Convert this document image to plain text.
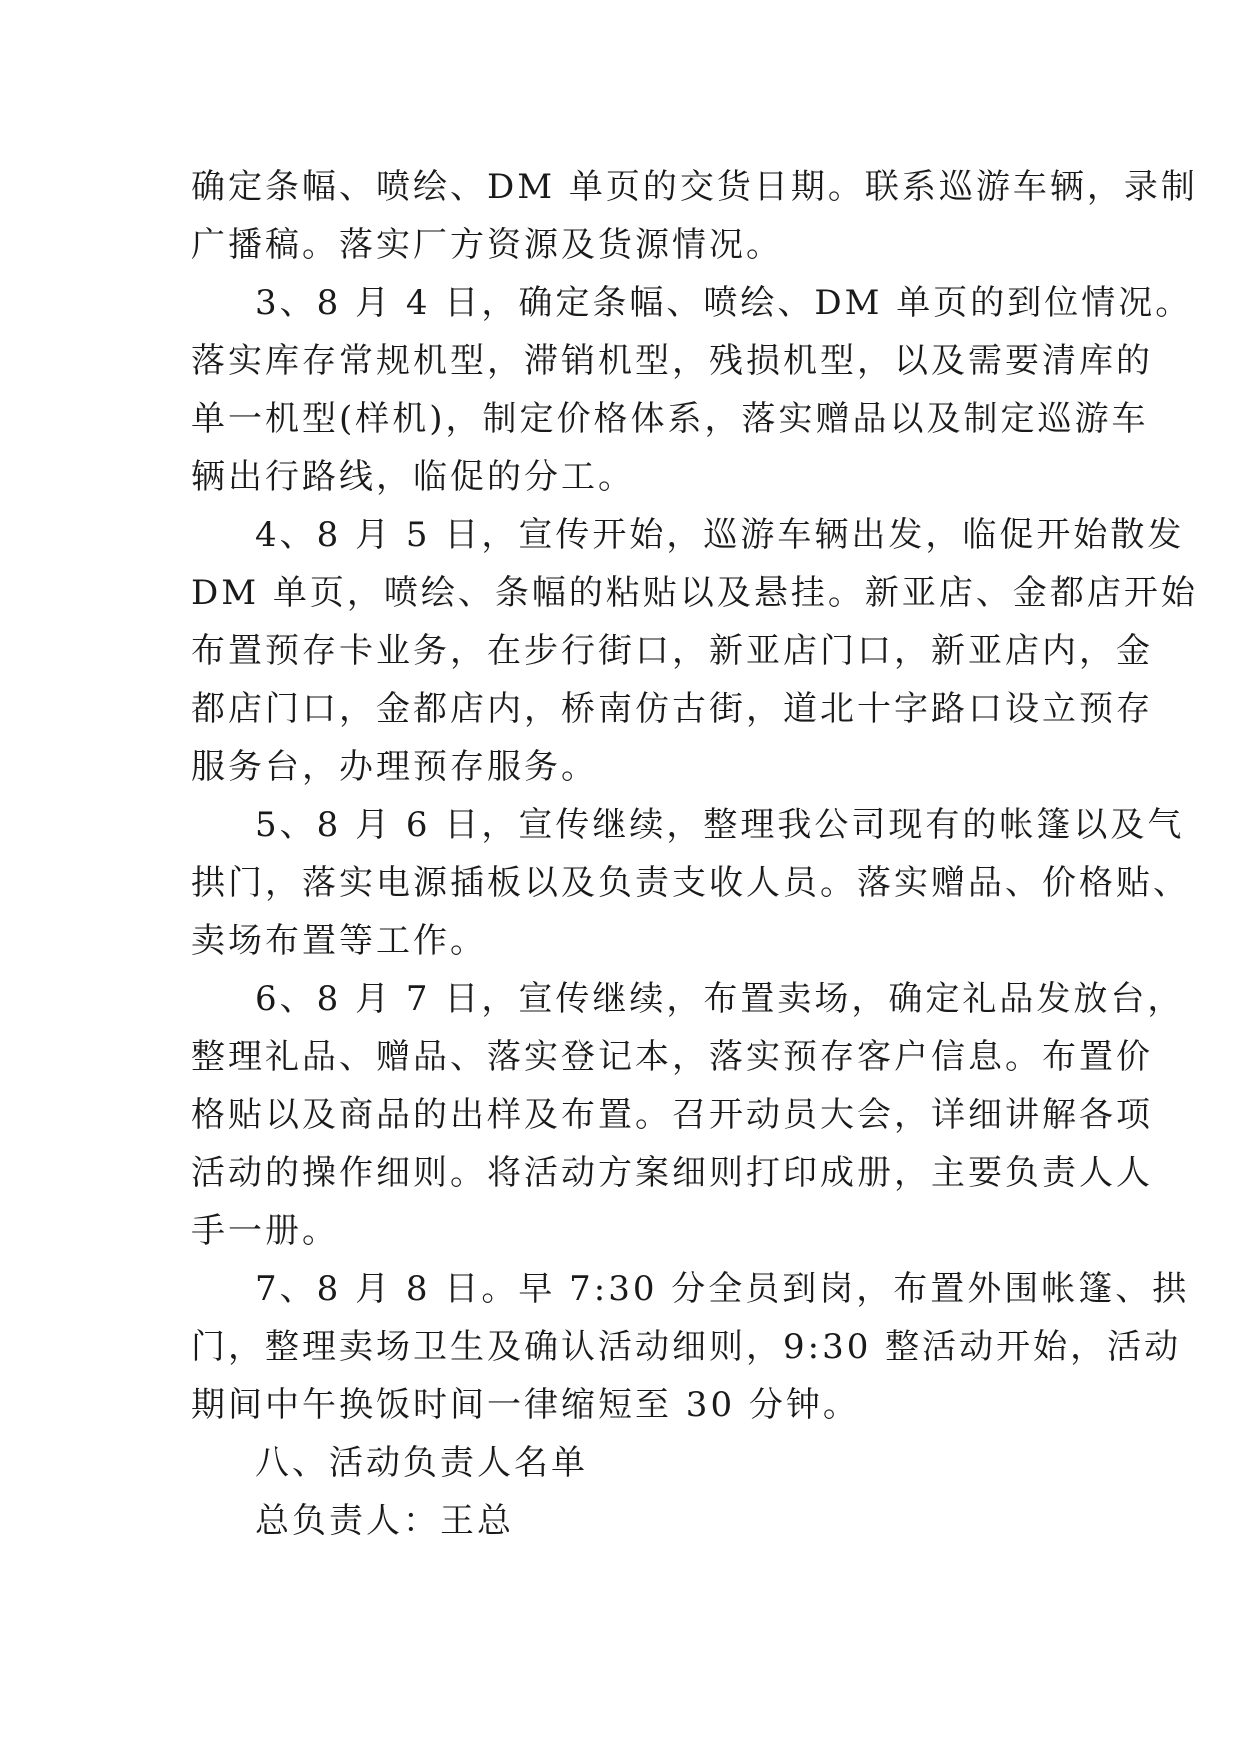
确定条幅、喷绘、DM 单页的交货日期。联系巡游车辆，录制
广播稿。落实厂方资源及货源情况。
3、8 月 4 日，确定条幅、喷绘、DM 单页的到位情况。
落实库存常规机型，滞销机型，残损机型，以及需要清库的
单一机型(样机)，制定价格体系，落实赠品以及制定巡游车
辆出行路线，临促的分工。
4、8 月 5 日，宣传开始，巡游车辆出发，临促开始散发
DM 单页，喷绘、条幅的粘贴以及悬挂。新亚店、金都店开始
布置预存卡业务，在步行街口，新亚店门口，新亚店内，金
都店门口，金都店内，桥南仿古街，道北十字路口设立预存
服务台，办理预存服务。
5、8 月 6 日，宣传继续，整理我公司现有的帐篷以及气
拱门，落实电源插板以及负责支收人员。落实赠品、价格贴、
卖场布置等工作。
6、8 月 7 日，宣传继续，布置卖场，确定礼品发放台，
整理礼品、赠品、落实登记本，落实预存客户信息。布置价
格贴以及商品的出样及布置。召开动员大会，详细讲解各项
活动的操作细则。将活动方案细则打印成册，主要负责人人
手一册。
7、8 月 8 日。早 7:30 分全员到岗，布置外围帐篷、拱
门，整理卖场卫生及确认活动细则，9:30 整活动开始，活动
期间中午换饭时间一律缩短至 30 分钟。
八、活动负责人名单
总负责人：王总
